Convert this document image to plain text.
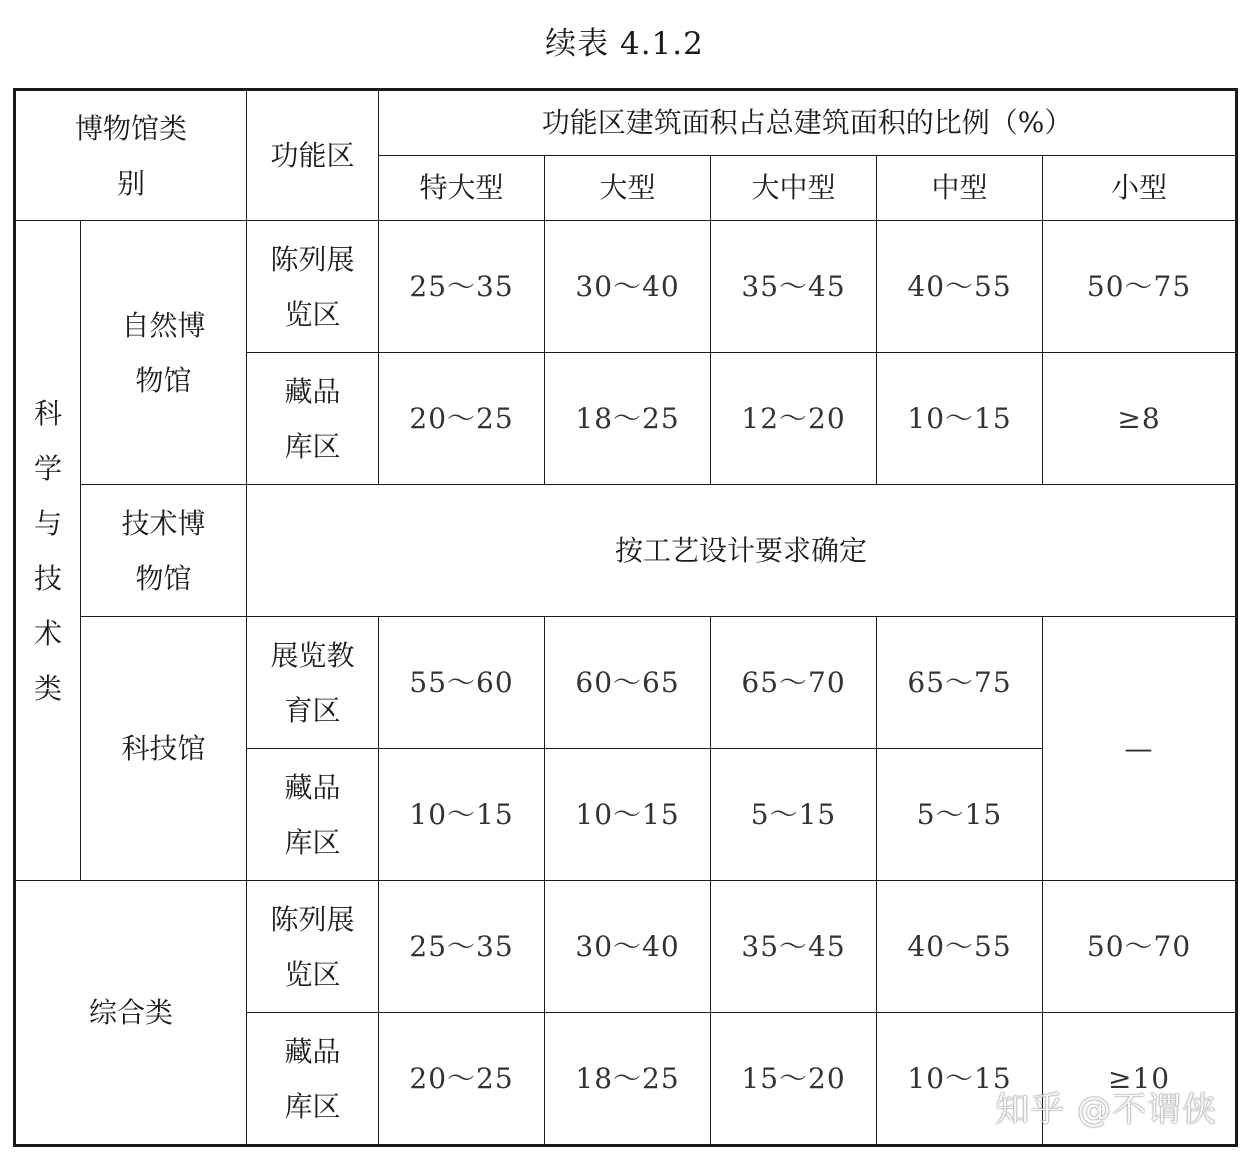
续表 4.1.2
博物馆类别		功能区	功能区建筑面积占总建筑面积的比例（%）				
			特大型	大型	大中型	中型	小型
科学与技术类	自然博物馆	陈列展览区	25～35	30～40	35～45	40～55	50～75
		藏品库区	20～25	18～25	12～20	10～15	≥8
	技术博物馆	按工艺设计要求确定					
	科技馆	展览教育区	55～60	60～65	65～70	65～75	—
		藏品库区	10～15	10～15	5～15	5～15	
综合类		陈列展览区	25～35	30～40	35～45	40～55	50～70
		藏品库区	20～25	18～25	15～20	10～15	≥10
知乎 @不谓侠
